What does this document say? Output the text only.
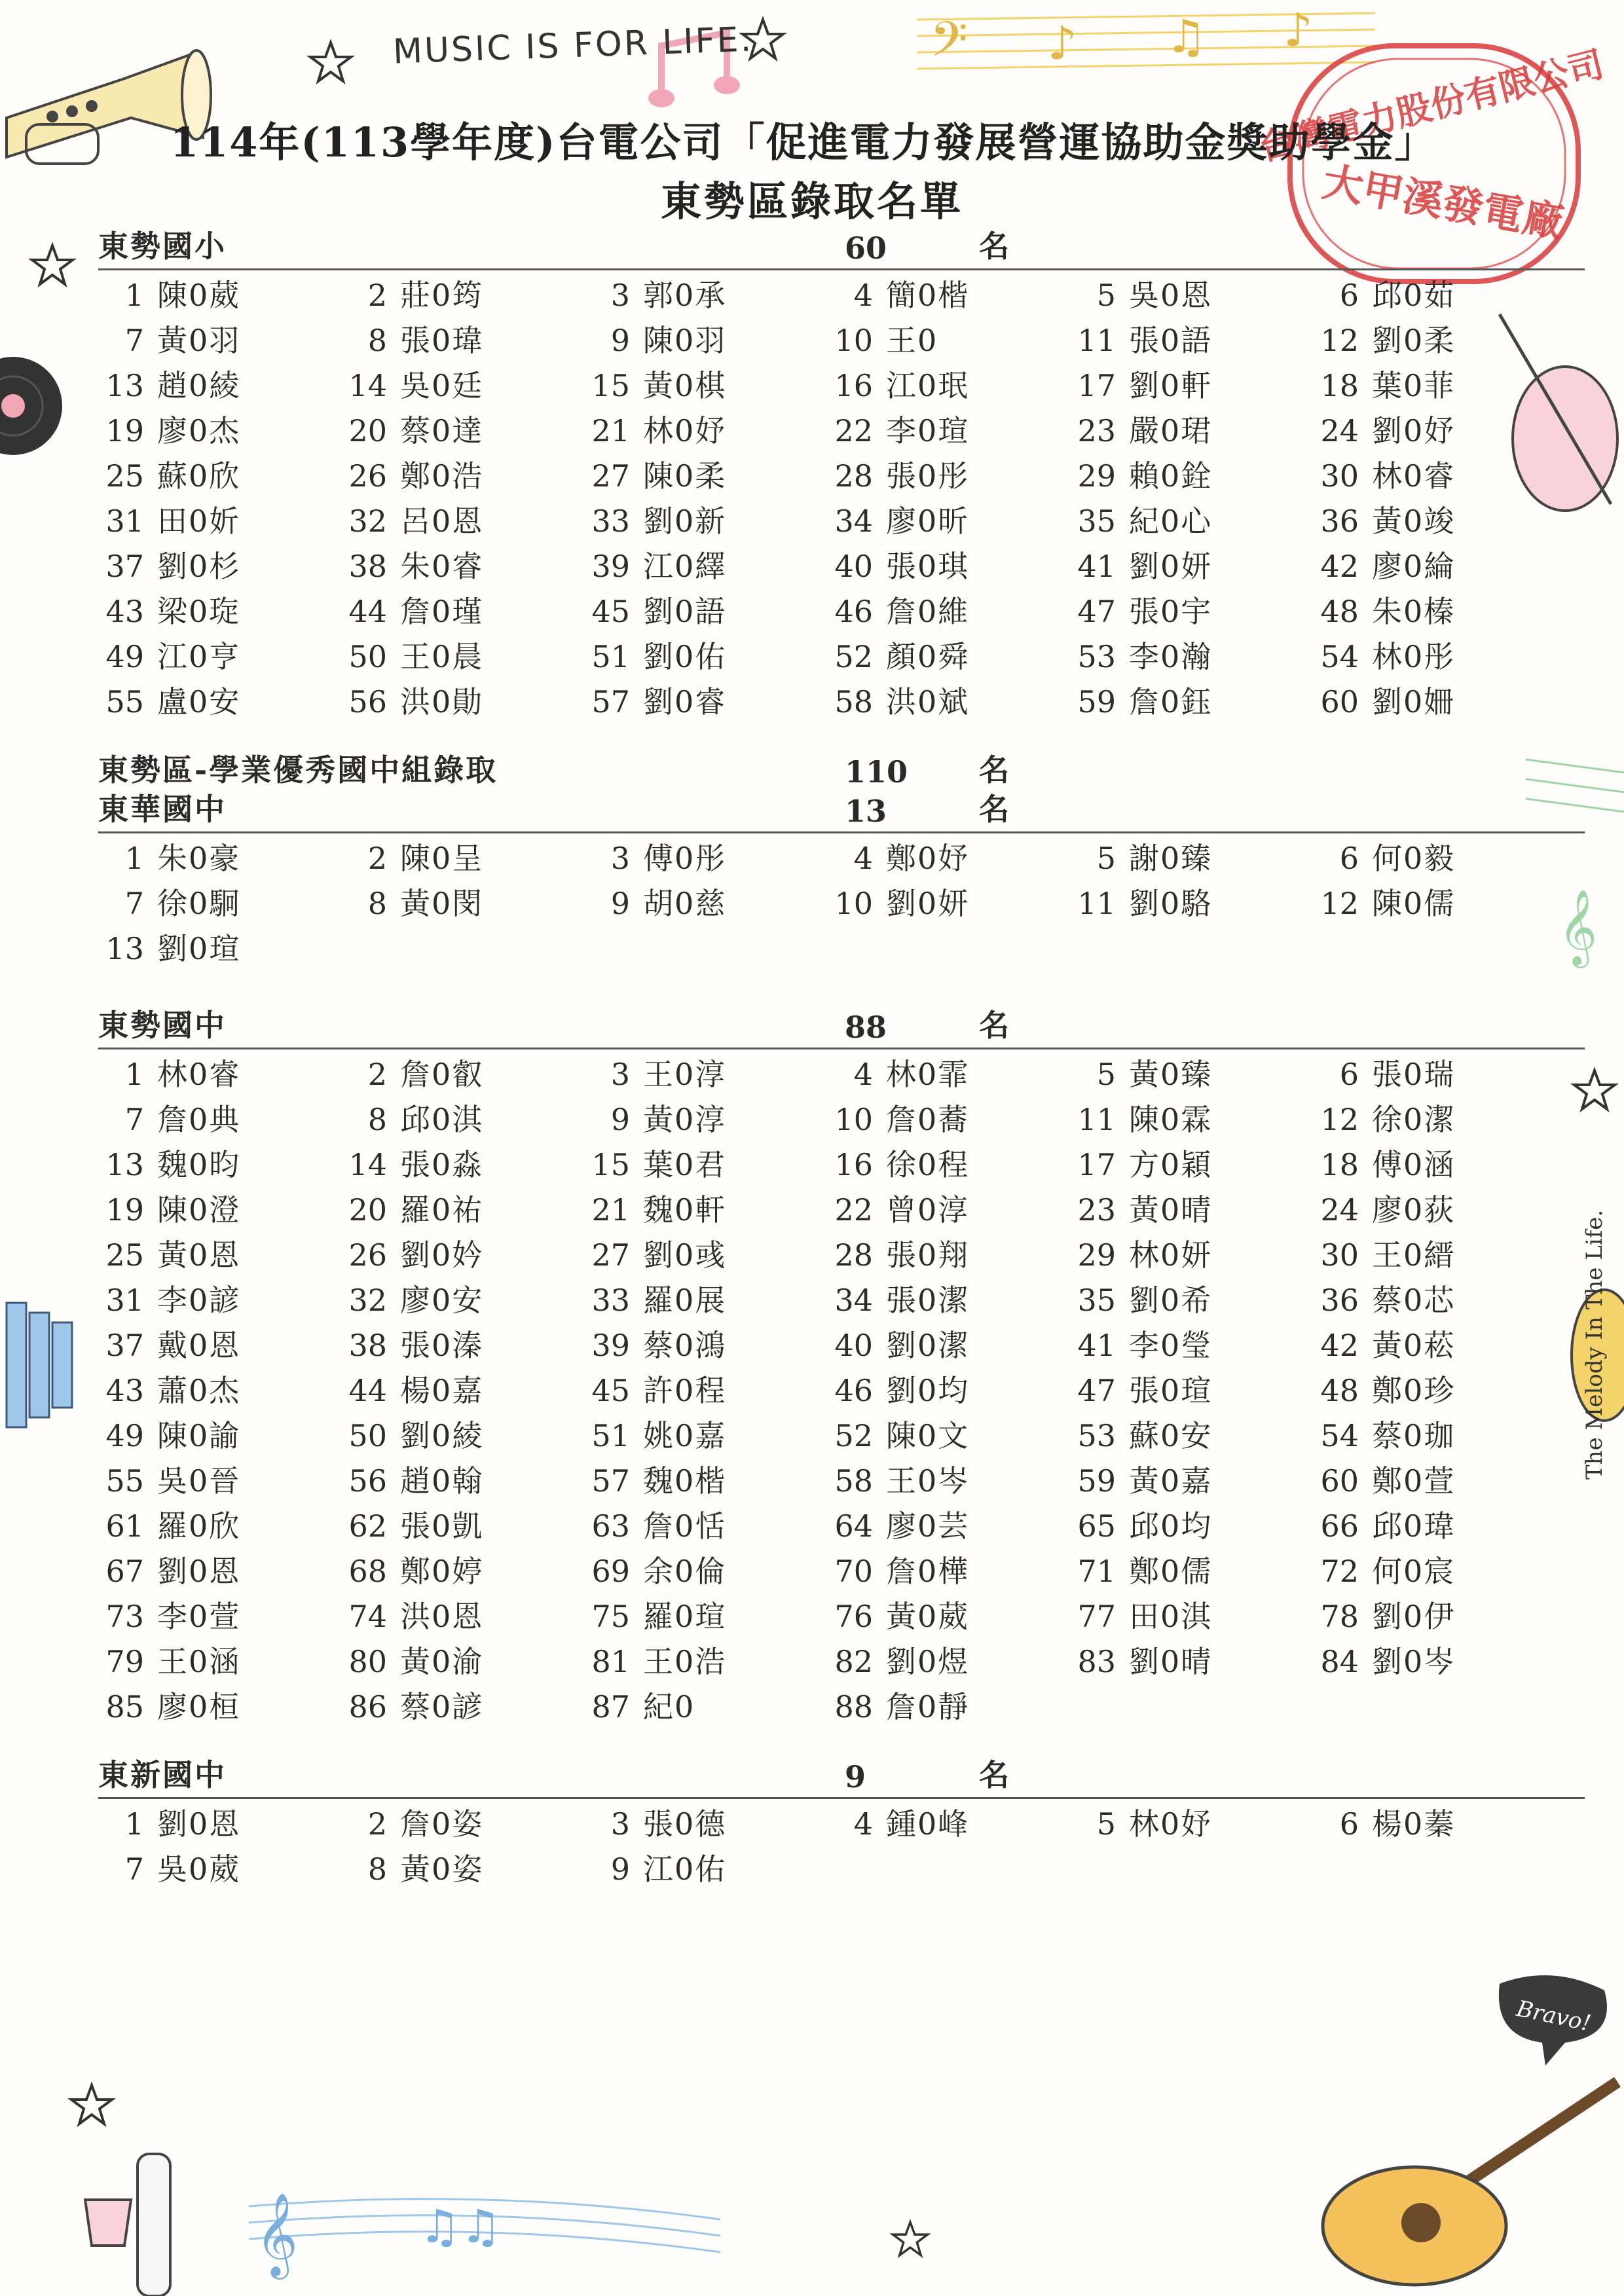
𝄢 ♪ ♫ ♪
Bravo!
𝄞	♫♫
𝄞
台灣電力股份有限公司
大甲溪發電廠
MUSIC IS FOR LIFE.
114年(113學年度)台電公司「促進電力發展營運協助金獎助學金」
東勢區錄取名單
東勢國小	60	名
1 陳0葳	2 莊0筠	3 郭0承	4 簡0楷	5 吳0恩	6 邱0茹
7 黃0羽	8 張0瑋	9 陳0羽	10 王0	11 張0語	12 劉0柔
13 趙0綾	14 吳0廷	15 黃0棋	16 江0珉	17 劉0軒	18 葉0菲
19 廖0杰	20 蔡0達	21 林0妤	22 李0瑄	23 嚴0珺	24 劉0妤
25 蘇0欣	26 鄭0浩	27 陳0柔	28 張0彤	29 賴0銓	30 林0睿
31 田0妡	32 呂0恩	33 劉0新	34 廖0昕	35 紀0心	36 黃0竣
37 劉0杉	38 朱0睿	39 江0繹	40 張0琪	41 劉0妍	42 廖0綸
43 梁0琁	44 詹0瑾	45 劉0語	46 詹0維	47 張0宇	48 朱0榛
49 江0亨	50 王0晨	51 劉0佑	52 顏0舜	53 李0瀚	54 林0彤
55 盧0安	56 洪0勛	57 劉0睿	58 洪0斌	59 詹0鈺	60 劉0姍
東勢區-學業優秀國中組錄取	110 名
東華國中	13	名
1 朱0豪	2 陳0呈	3 傅0彤	4 鄭0妤	5 謝0臻	6 何0毅
7 徐0駉	8 黃0閔	9 胡0慈	10 劉0妍	11 劉0駱	12 陳0儒
13 劉0瑄
東勢國中	88	名
1 林0睿	2 詹0叡	3 王0淳	4 林0霏	5 黃0臻	6 張0瑞
7 詹0典	8 邱0淇	9 黃0淳	10 詹0蕎	11 陳0霖	12 徐0潔
13 魏0昀	14 張0淼	15 葉0君	16 徐0程	17 方0穎	18 傅0涵
19 陳0澄	20 羅0祐	21 魏0軒	22 曾0淳	23 黃0晴	24 廖0荻
25 黃0恩	26 劉0妗	27 劉0彧	28 張0翔	29 林0妍	30 王0縉
31 李0諺	32 廖0安	33 羅0展	34 張0潔	35 劉0希	36 蔡0芯
37 戴0恩	38 張0溱	39 蔡0鴻	40 劉0潔	41 李0瑩	42 黃0菘
43 蕭0杰	44 楊0嘉	45 許0程	46 劉0均	47 張0瑄	48 鄭0珍
49 陳0諭	50 劉0綾	51 姚0嘉	52 陳0文	53 蘇0安	54 蔡0珈
55 吳0晉	56 趙0翰	57 魏0楷	58 王0岑	59 黃0嘉	60 鄭0萱
61 羅0欣	62 張0凱	63 詹0恬	64 廖0芸	65 邱0均	66 邱0瑋
67 劉0恩	68 鄭0婷	69 余0倫	70 詹0樺	71 鄭0儒	72 何0宸
73 李0萱	74 洪0恩	75 羅0瑄	76 黃0葳	77 田0淇	78 劉0伊
79 王0涵	80 黃0渝	81 王0浩	82 劉0煜	83 劉0晴	84 劉0岑
85 廖0桓	86 蔡0諺	87 紀0	88 詹0靜
東新國中	9	名
1 劉0恩	2 詹0姿	3 張0德	4 鍾0峰	5 林0妤	6 楊0蓁
7 吳0葳	8 黃0姿	9 江0佑
The Melody In The Life.
